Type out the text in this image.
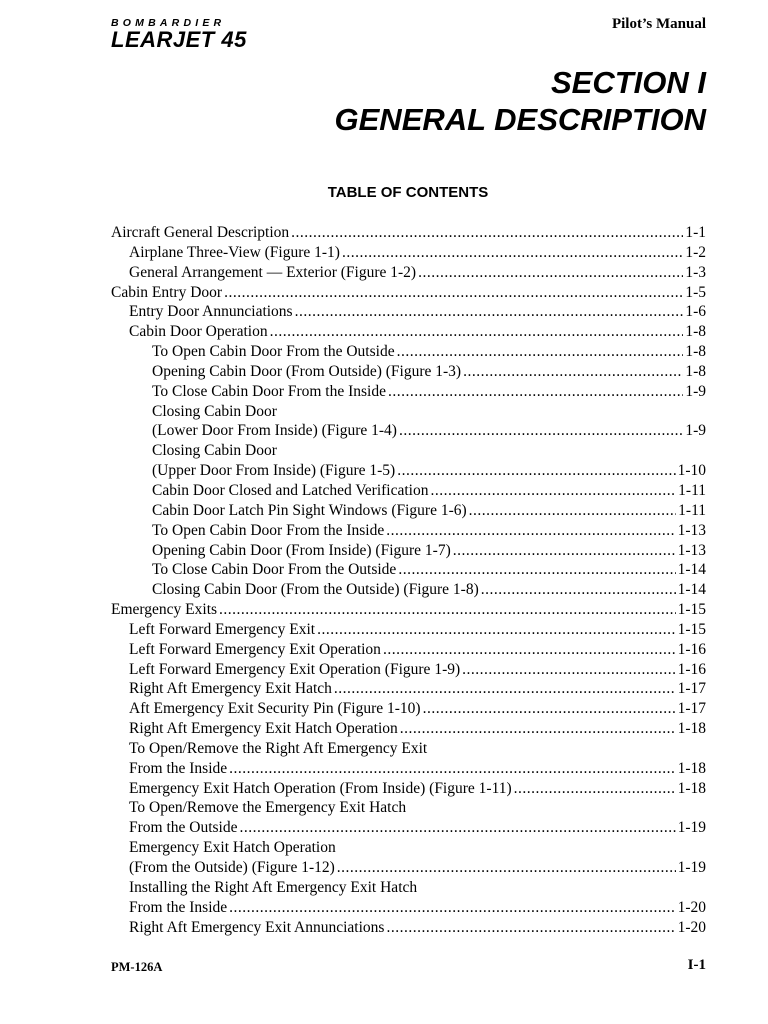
BOMBARDIER
LEARJET 45
Pilot’s Manual
SECTION I
GENERAL DESCRIPTION
TABLE OF CONTENTS
Aircraft General Description .....	1-1
Airplane Three-View (Figure 1-1) .....	1-2
General Arrangement — Exterior (Figure 1-2) .....	1-3
Cabin Entry Door .....	1-5
Entry Door Annunciations .....	1-6
Cabin Door Operation .....	1-8
To Open Cabin Door From the Outside .....	1-8
Opening Cabin Door (From Outside) (Figure 1-3) .....	1-8
To Close Cabin Door From the Inside .....	1-9
Closing Cabin Door
(Lower Door From Inside) (Figure 1-4) .....	1-9
Closing Cabin Door
(Upper Door From Inside) (Figure 1-5) .....	1-10
Cabin Door Closed and Latched Verification .....	1-11
Cabin Door Latch Pin Sight Windows (Figure 1-6) .....	1-11
To Open Cabin Door From the Inside .....	1-13
Opening Cabin Door (From Inside) (Figure 1-7) .....	1-13
To Close Cabin Door From the Outside .....	1-14
Closing Cabin Door (From the Outside) (Figure 1-8) .....	1-14
Emergency Exits .....	1-15
Left Forward Emergency Exit .....	1-15
Left Forward Emergency Exit Operation .....	1-16
Left Forward Emergency Exit Operation (Figure 1-9) .....	1-16
Right Aft Emergency Exit Hatch .....	1-17
Aft Emergency Exit Security Pin (Figure 1-10) .....	1-17
Right Aft Emergency Exit Hatch Operation .....	1-18
To Open/Remove the Right Aft Emergency Exit
From the Inside .....	1-18
Emergency Exit Hatch Operation (From Inside) (Figure 1-11) .....	1-18
To Open/Remove the Emergency Exit Hatch
From the Outside .....	1-19
Emergency Exit Hatch Operation
(From the Outside) (Figure 1-12) .....	1-19
Installing the Right Aft Emergency Exit Hatch
From the Inside .....	1-20
Right Aft Emergency Exit Annunciations .....	1-20
PM-126A	I-1
